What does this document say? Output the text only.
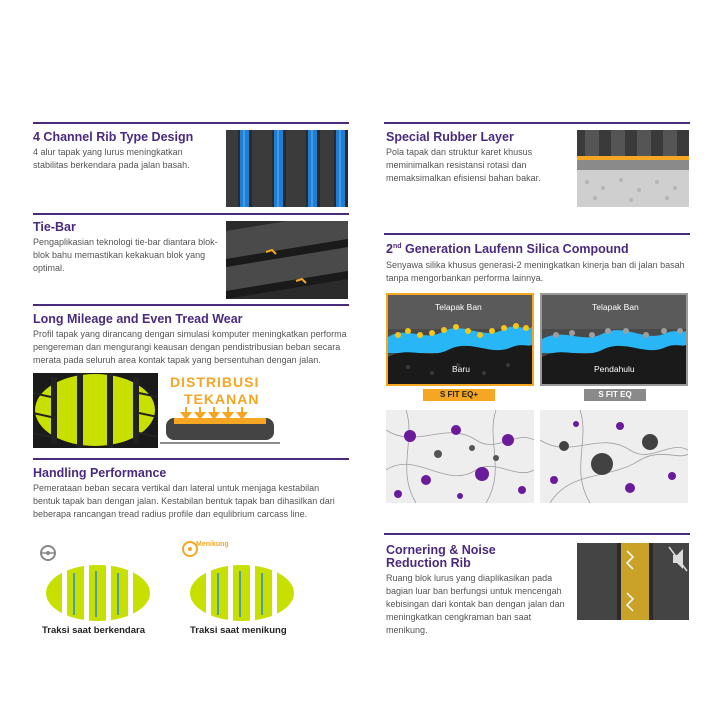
4 Channel Rib Type Design
4 alur tapak yang lurus meningkatkan stabilitas berkendara pada jalan basah.
Tie-Bar
Pengaplikasian teknologi tie-bar diantara blok-blok bahu memastikan kekakuan blok yang optimal.
Long Mileage and Even Tread Wear
Profil tapak yang dirancang dengan simulasi komputer meningkatkan performa pengereman dan mengurangi keausan dengan pendistribusian beban secara merata pada seluruh area kontak tapak yang bersentuhan dengan jalan.
DISTRIBUSI
TEKANAN
Handling Performance
Pemerataan beban secara vertikal dan lateral untuk menjaga kestabilan bentuk tapak ban dengan jalan. Kestabilan bentuk tapak ban dihasilkan dari beberapa rancangan tread radius profile dan equlibrium carcass line.
Traksi saat berkendara
Menikung
Traksi saat menikung
Special Rubber Layer
Pola tapak dan struktur karet khusus meminimalkan resistansi rotasi dan memaksimalkan efisiensi bahan bakar.
2nd Generation Laufenn Silica Compound
Senyawa silika khusus generasi-2 meningkatkan kinerja ban di jalan basah tanpa mengorbankan performa lainnya.
Telapak Ban
Baru
S FIT EQ+
Telapak Ban
Pendahulu
S FIT EQ
Cornering & Noise
Reduction Rib
Ruang blok lurus yang diaplikasikan pada bagian luar ban berfungsi untuk mencengah kebisingan dari kontak ban dengan jalan dan meningkatkan cengkraman ban saat menikung.
